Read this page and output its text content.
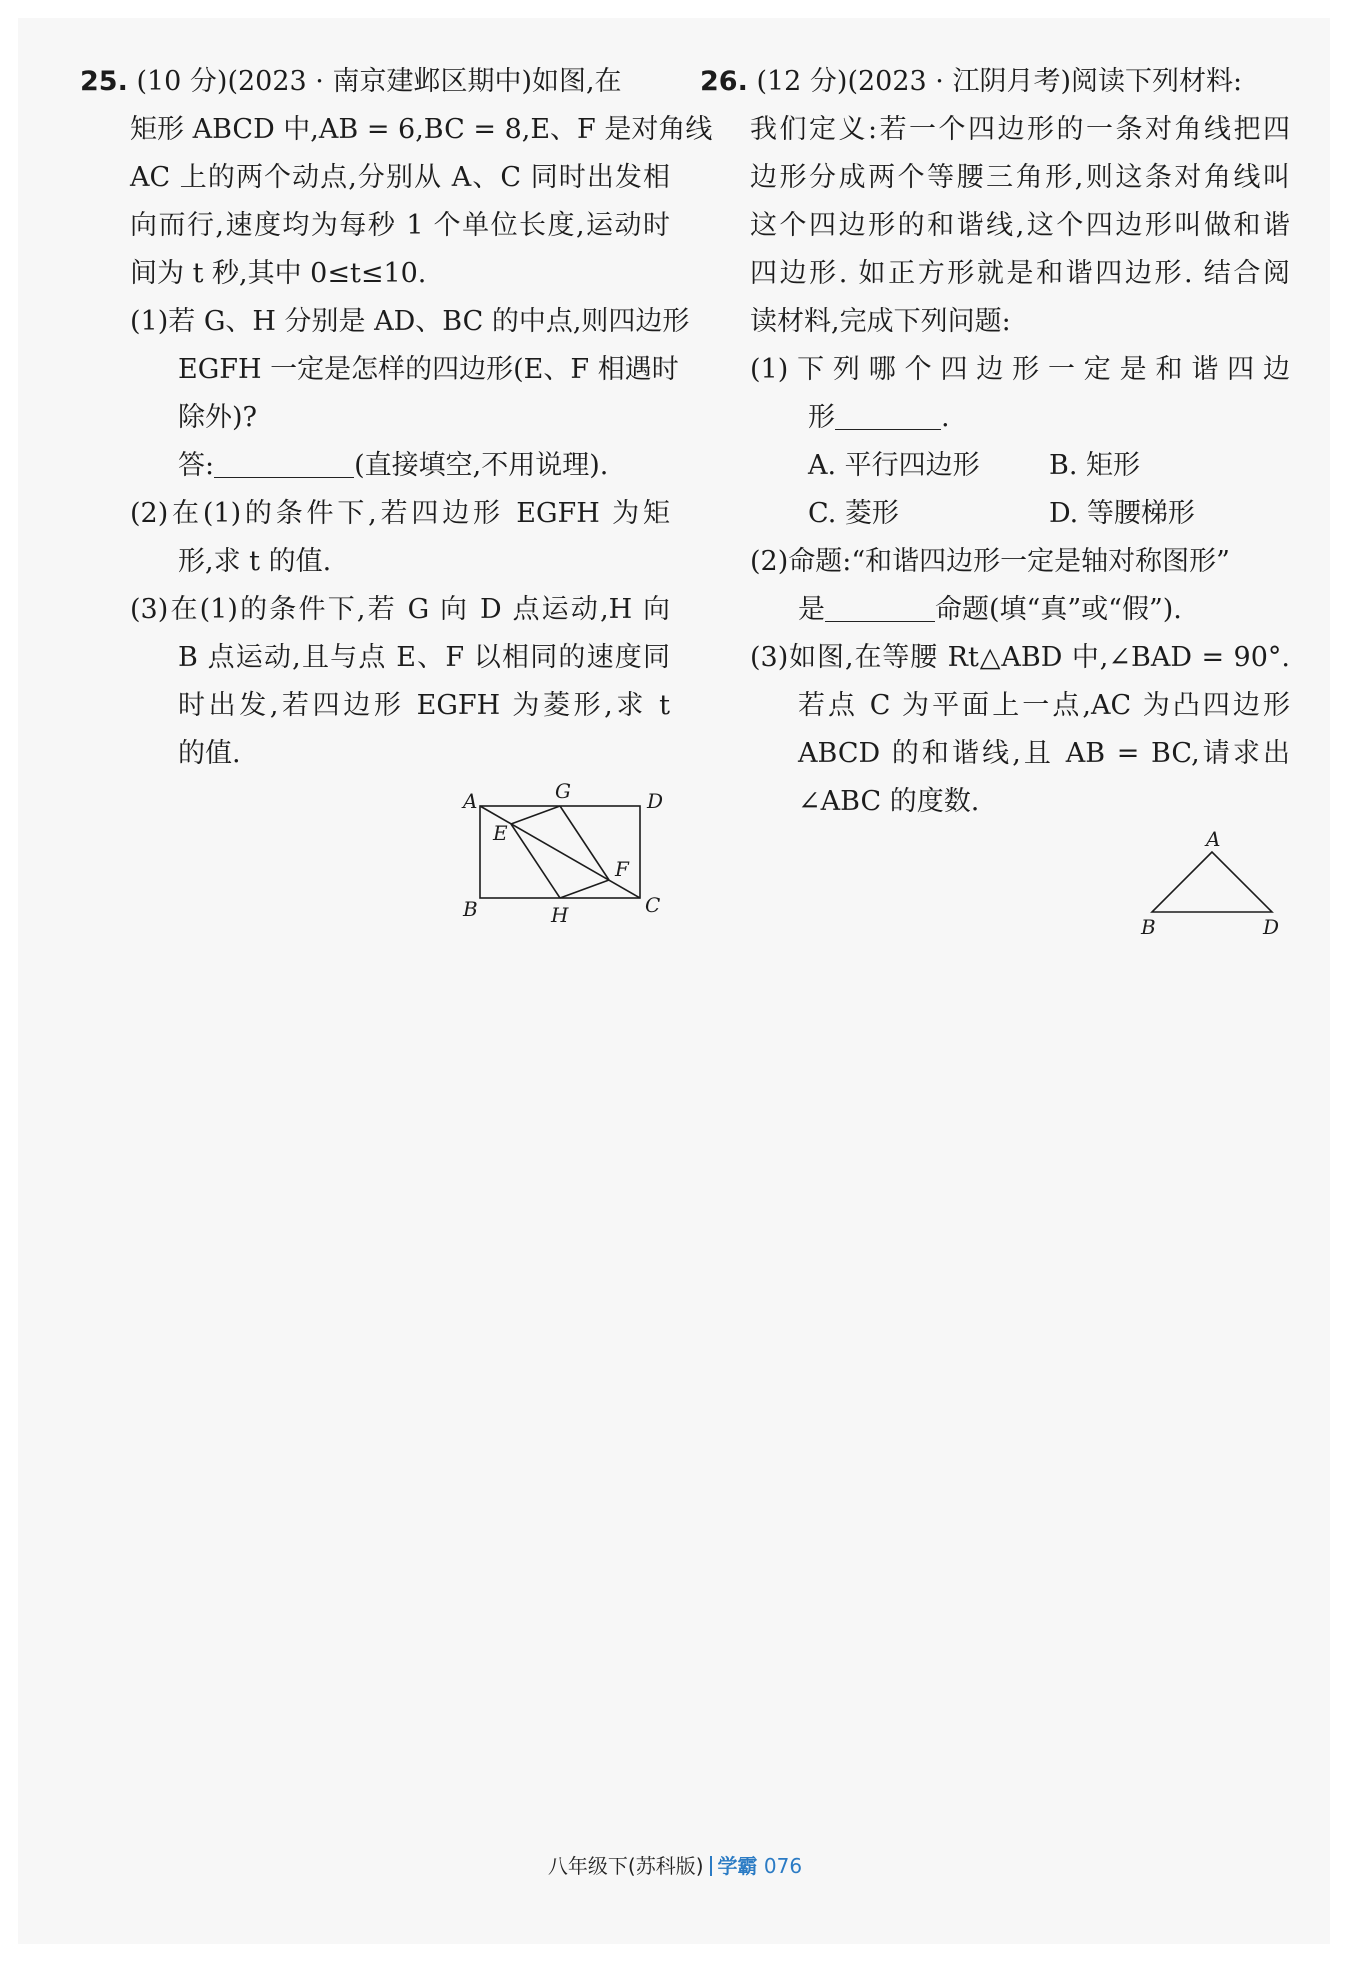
25. (10 分)(2023 · 南京建邺区期中)如图,在
矩形 ABCD 中,AB = 6,BC = 8,E、F 是对角线
AC 上的两个动点,分别从 A、C 同时出发相
向而行,速度均为每秒 1 个单位长度,运动时
间为 t 秒,其中 0≤t≤10.
(1)若 G、H 分别是 AD、BC 的中点,则四边形
EGFH 一定是怎样的四边形(E、F 相遇时
除外)?
答:	(直接填空,不用说理).
(2)在(1)的条件下,若四边形 EGFH 为矩
形,求 t 的值.
(3)在(1)的条件下,若 G 向 D 点运动,H 向
B 点运动,且与点 E、F 以相同的速度同
时出发,若四边形 EGFH 为菱形,求 t
的值.
A	G	D
E
F
B	H	C
26. (12 分)(2023 · 江阴月考)阅读下列材料:
我们定义:若一个四边形的一条对角线把四
边形分成两个等腰三角形,则这条对角线叫
这个四边形的和谐线,这个四边形叫做和谐
四边形. 如正方形就是和谐四边形. 结合阅
读材料,完成下列问题:
(1)下列哪个四边形一定是和谐四边
形	.
A. 平行四边形	B. 矩形
C. 菱形	D. 等腰梯形
(2)命题:“和谐四边形一定是轴对称图形”
是	命题(填“真”或“假”).
(3)如图,在等腰 Rt△ABD 中,∠BAD = 90°.
若点 C 为平面上一点,AC 为凸四边形
ABCD 的和谐线,且 AB = BC,请求出
∠ABC 的度数.
A
B	D
八年级下(苏科版) 学霸 076
